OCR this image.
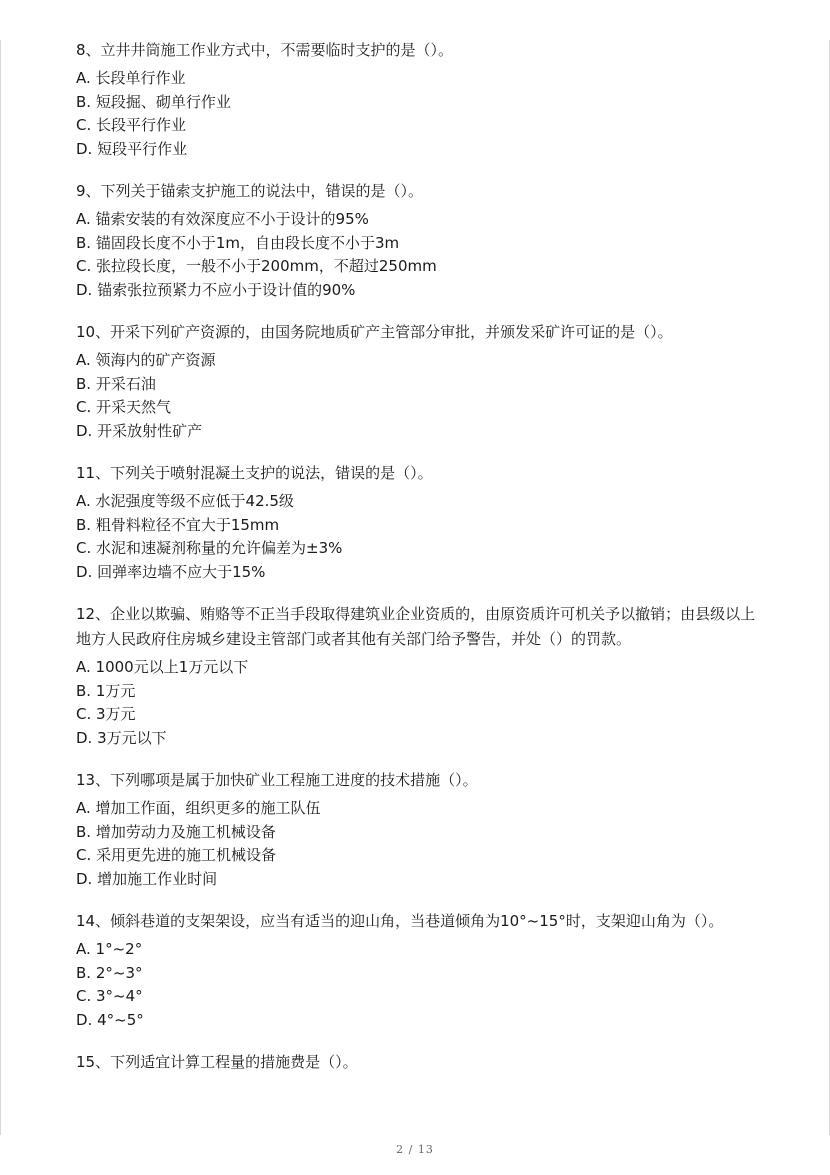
8、立井井筒施工作业方式中，不需要临时支护的是（）。

A. 长段单行作业

B. 短段掘、砌单行作业

C. 长段平行作业

D. 短段平行作业

9、下列关于锚索支护施工的说法中，错误的是（）。

A. 锚索安装的有效深度应不小于设计的95%

B. 锚固段长度不小于1m，自由段长度不小于3m

C. 张拉段长度，一般不小于200mm，不超过250mm

D. 锚索张拉预紧力不应小于设计值的90%

10、开采下列矿产资源的，由国务院地质矿产主管部分审批，并颁发采矿许可证的是（）。

A. 领海内的矿产资源

B. 开采石油

C. 开采天然气

D. 开采放射性矿产

11、下列关于喷射混凝土支护的说法，错误的是（）。

A. 水泥强度等级不应低于42.5级

B. 粗骨料粒径不宜大于15mm

C. 水泥和速凝剂称量的允许偏差为±3%

D. 回弹率边墙不应大于15%

12、企业以欺骗、贿赂等不正当手段取得建筑业企业资质的，由原资质许可机关予以撤销；由县级以上地方人民政府住房城乡建设主管部门或者其他有关部门给予警告，并处（）的罚款。

A. 1000元以上1万元以下

B. 1万元

C. 3万元

D. 3万元以下

13、下列哪项是属于加快矿业工程施工进度的技术措施（）。

A. 增加工作面，组织更多的施工队伍

B. 增加劳动力及施工机械设备

C. 采用更先进的施工机械设备

D. 增加施工作业时间

14、倾斜巷道的支架架设，应当有适当的迎山角，当巷道倾角为10°~15°时，支架迎山角为（）。

A. 1°~2°

B. 2°~3°

C. 3°~4°

D. 4°~5°

15、下列适宜计算工程量的措施费是（）。

2 / 13
